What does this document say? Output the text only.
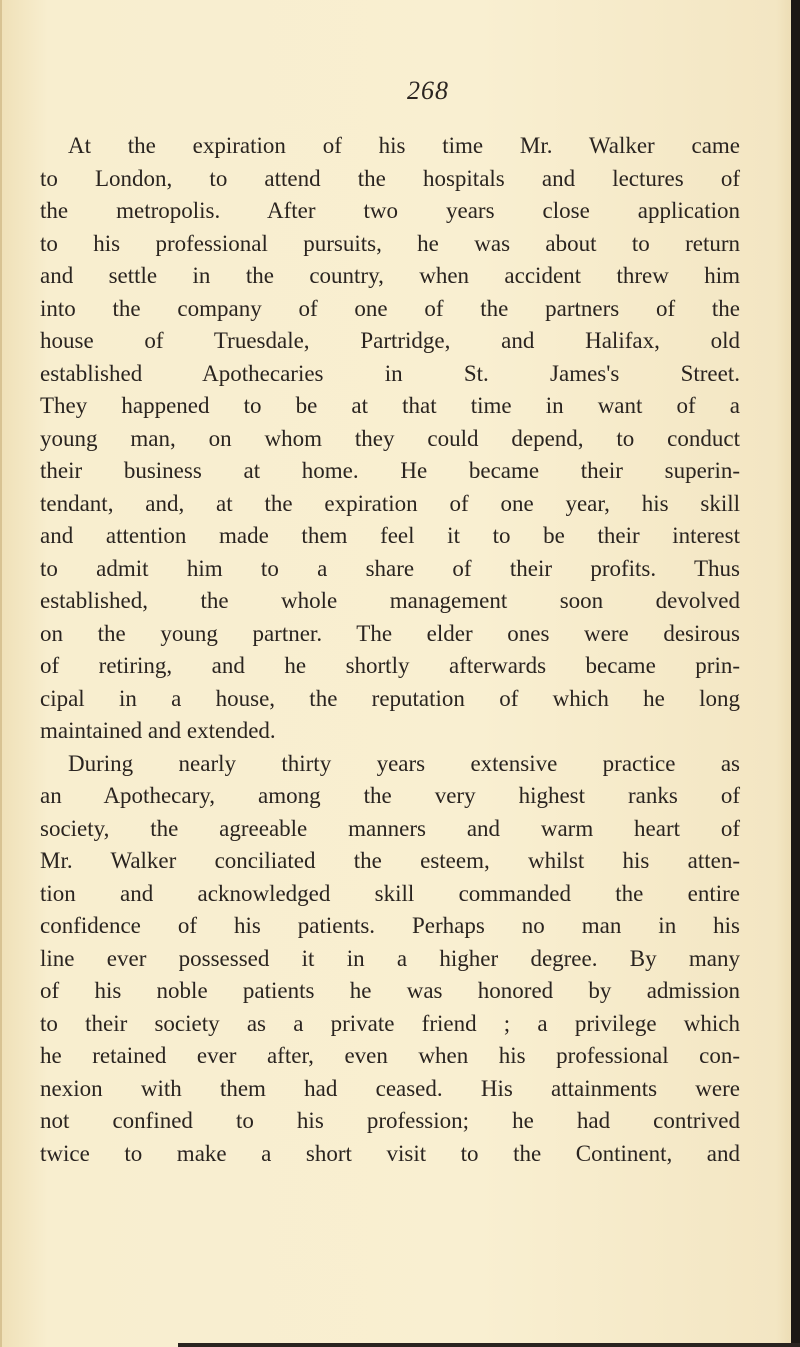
268
At the expiration of his time Mr. Walker came
to London, to attend the hospitals and lectures of
the metropolis. After two years close application
to his professional pursuits, he was about to return
and settle in the country, when accident threw him
into the company of one of the partners of the
house of Truesdale, Partridge, and Halifax, old
established Apothecaries in St. James's Street.
They happened to be at that time in want of a
young man, on whom they could depend, to conduct
their business at home. He became their superin-
tendant, and, at the expiration of one year, his skill
and attention made them feel it to be their interest
to admit him to a share of their profits. Thus
established, the whole management soon devolved
on the young partner. The elder ones were desirous
of retiring, and he shortly afterwards became prin-
cipal in a house, the reputation of which he long
maintained and extended.
During nearly thirty years extensive practice as
an Apothecary, among the very highest ranks of
society, the agreeable manners and warm heart of
Mr. Walker conciliated the esteem, whilst his atten-
tion and acknowledged skill commanded the entire
confidence of his patients. Perhaps no man in his
line ever possessed it in a higher degree. By many
of his noble patients he was honored by admission
to their society as a private friend ; a privilege which
he retained ever after, even when his professional con-
nexion with them had ceased. His attainments were
not confined to his profession; he had contrived
twice to make a short visit to the Continent, and
